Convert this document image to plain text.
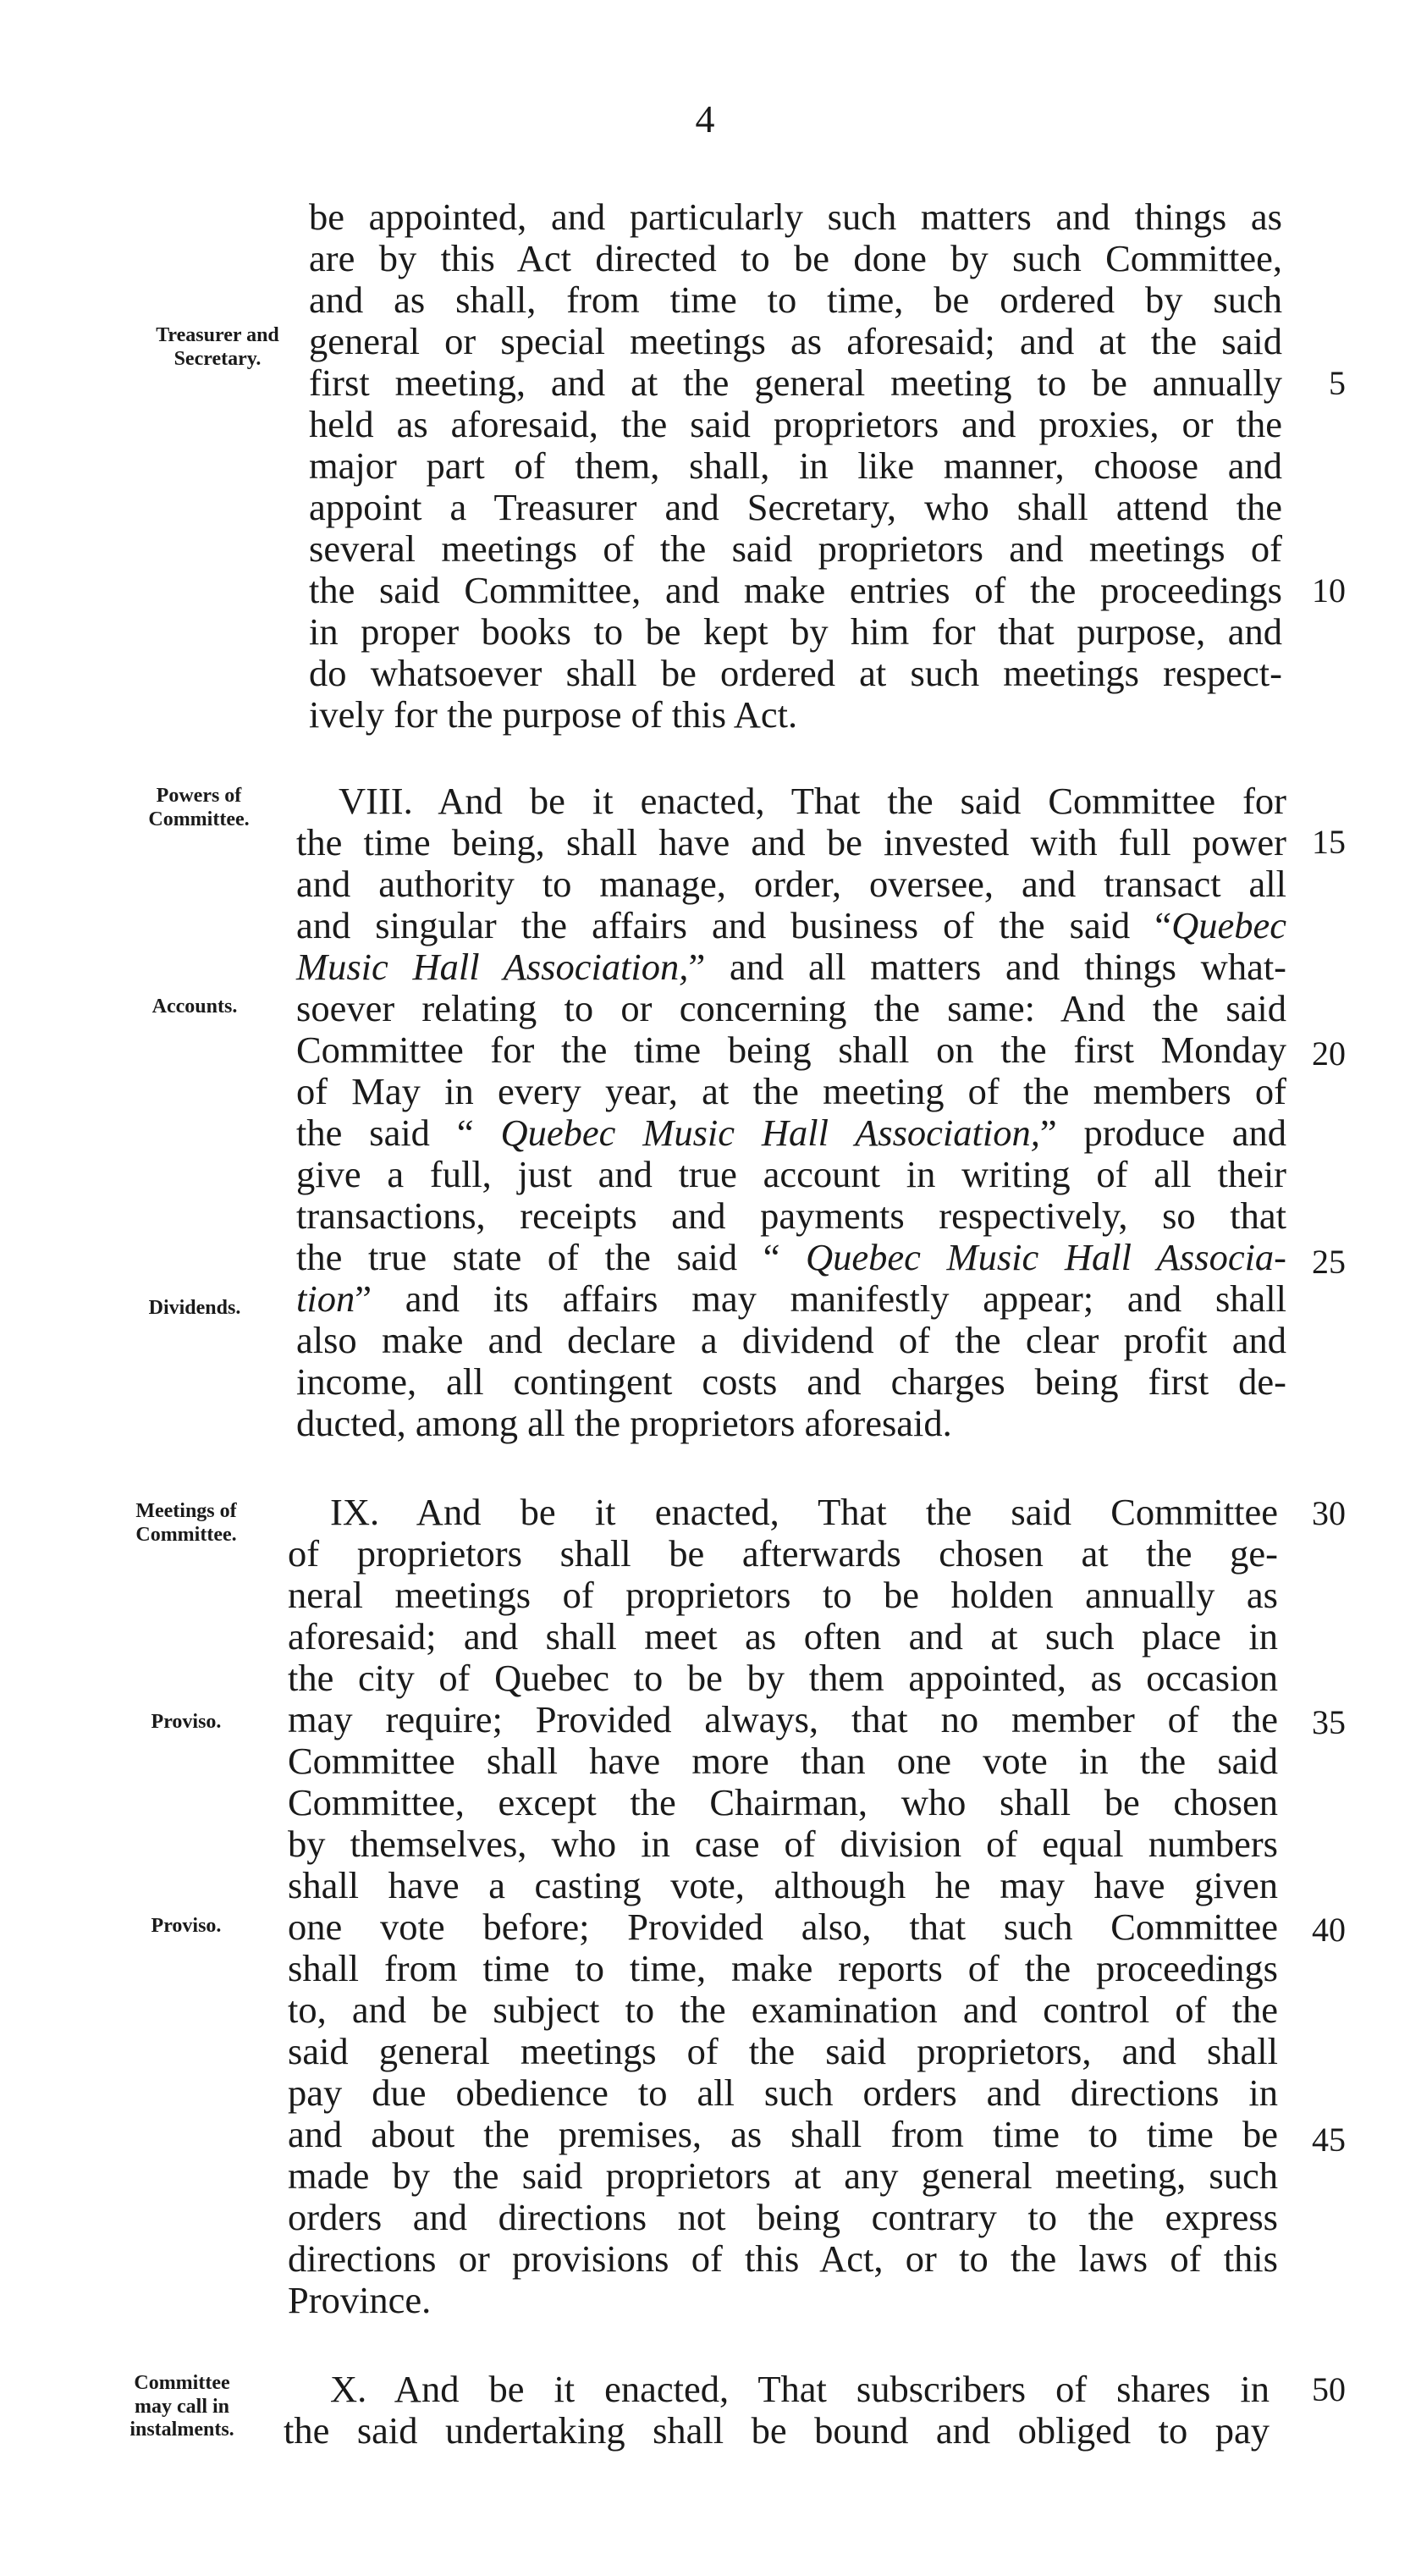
4
Treasurer and
Secretary.
Powers of
Committee.
Accounts.
Dividends.
Meetings of
Committee.
Proviso.
Proviso.
Committee
may call in
instalments.
5
10
15
20
25
30
35
40
45
50
be appointed, and particularly such matters and things as
are by this Act directed to be done by such Committee,
and as shall, from time to time, be ordered by such
general or special meetings as aforesaid; and at the said
first meeting, and at the general meeting to be annually
held as aforesaid, the said proprietors and proxies, or the
major part of them, shall, in like manner, choose and
appoint a Treasurer and Secretary, who shall attend the
several meetings of the said proprietors and meetings of
the said Committee, and make entries of the proceedings
in proper books to be kept by him for that purpose, and
do whatsoever shall be ordered at such meetings respect-
ively for the purpose of this Act.
VIII. And be it enacted, That the said Committee for
the time being, shall have and be invested with full power
and authority to manage, order, oversee, and transact all
and singular the affairs and business of the said “Quebec
Music Hall Association,” and all matters and things what-
soever relating to or concerning the same: And the said
Committee for the time being shall on the first Monday
of May in every year, at the meeting of the members of
the said “ Quebec Music Hall Association,” produce and
give a full, just and true account in writing of all their
transactions, receipts and payments respectively, so that
the true state of the said “ Quebec Music Hall Associa-
tion” and its affairs may manifestly appear; and shall
also make and declare a dividend of the clear profit and
income, all contingent costs and charges being first de-
ducted, among all the proprietors aforesaid.
IX. And be it enacted, That the said Committee
of proprietors shall be afterwards chosen at the ge-
neral meetings of proprietors to be holden annually as
aforesaid; and shall meet as often and at such place in
the city of Quebec to be by them appointed, as occasion
may require; Provided always, that no member of the
Committee shall have more than one vote in the said
Committee, except the Chairman, who shall be chosen
by themselves, who in case of division of equal numbers
shall have a casting vote, although he may have given
one vote before; Provided also, that such Committee
shall from time to time, make reports of the proceedings
to, and be subject to the examination and control of the
said general meetings of the said proprietors, and shall
pay due obedience to all such orders and directions in
and about the premises, as shall from time to time be
made by the said proprietors at any general meeting, such
orders and directions not being contrary to the express
directions or provisions of this Act, or to the laws of this
Province.
X. And be it enacted, That subscribers of shares in
the said undertaking shall be bound and obliged to pay
